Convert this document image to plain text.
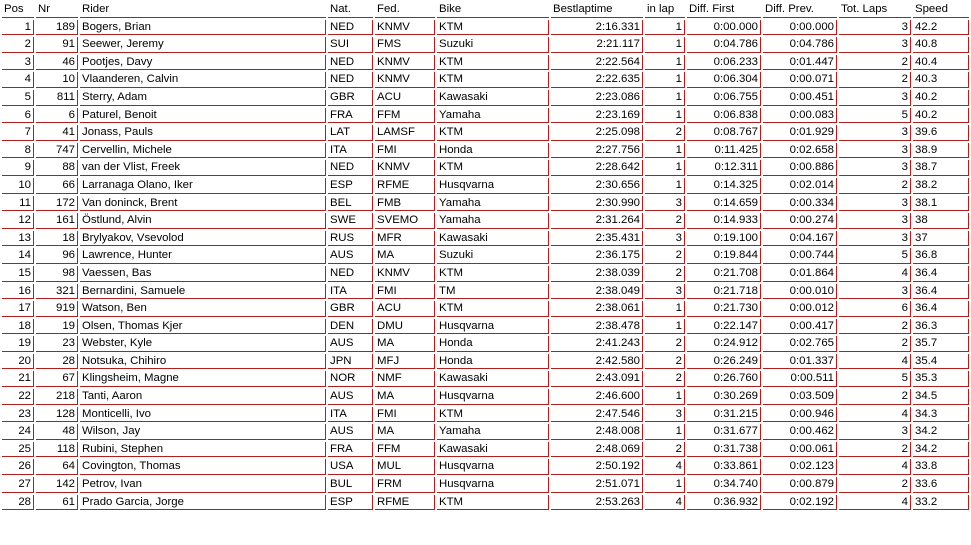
Pos	Nr	Rider	Nat.	Fed.	Bike	Bestlaptime	in lap	Diff. First	Diff. Prev.	Tot. Laps	Speed
1	189	Bogers, Brian	NED	KNMV	KTM	2:16.331	1	0:00.000	0:00.000	3	42.2
2	91	Seewer, Jeremy	SUI	FMS	Suzuki	2:21.117	1	0:04.786	0:04.786	3	40.8
3	46	Pootjes, Davy	NED	KNMV	KTM	2:22.564	1	0:06.233	0:01.447	2	40.4
4	10	Vlaanderen, Calvin	NED	KNMV	KTM	2:22.635	1	0:06.304	0:00.071	2	40.3
5	811	Sterry, Adam	GBR	ACU	Kawasaki	2:23.086	1	0:06.755	0:00.451	3	40.2
6	6	Paturel, Benoit	FRA	FFM	Yamaha	2:23.169	1	0:06.838	0:00.083	5	40.2
7	41	Jonass, Pauls	LAT	LAMSF	KTM	2:25.098	2	0:08.767	0:01.929	3	39.6
8	747	Cervellin, Michele	ITA	FMI	Honda	2:27.756	1	0:11.425	0:02.658	3	38.9
9	88	van der Vlist, Freek	NED	KNMV	KTM	2:28.642	1	0:12.311	0:00.886	3	38.7
10	66	Larranaga Olano, Iker	ESP	RFME	Husqvarna	2:30.656	1	0:14.325	0:02.014	2	38.2
11	172	Van doninck, Brent	BEL	FMB	Yamaha	2:30.990	3	0:14.659	0:00.334	3	38.1
12	161	Östlund, Alvin	SWE	SVEMO	Yamaha	2:31.264	2	0:14.933	0:00.274	3	38
13	18	Brylyakov, Vsevolod	RUS	MFR	Kawasaki	2:35.431	3	0:19.100	0:04.167	3	37
14	96	Lawrence, Hunter	AUS	MA	Suzuki	2:36.175	2	0:19.844	0:00.744	5	36.8
15	98	Vaessen, Bas	NED	KNMV	KTM	2:38.039	2	0:21.708	0:01.864	4	36.4
16	321	Bernardini, Samuele	ITA	FMI	TM	2:38.049	3	0:21.718	0:00.010	3	36.4
17	919	Watson, Ben	GBR	ACU	KTM	2:38.061	1	0:21.730	0:00.012	6	36.4
18	19	Olsen, Thomas Kjer	DEN	DMU	Husqvarna	2:38.478	1	0:22.147	0:00.417	2	36.3
19	23	Webster, Kyle	AUS	MA	Honda	2:41.243	2	0:24.912	0:02.765	2	35.7
20	28	Notsuka, Chihiro	JPN	MFJ	Honda	2:42.580	2	0:26.249	0:01.337	4	35.4
21	67	Klingsheim, Magne	NOR	NMF	Kawasaki	2:43.091	2	0:26.760	0:00.511	5	35.3
22	218	Tanti, Aaron	AUS	MA	Husqvarna	2:46.600	1	0:30.269	0:03.509	2	34.5
23	128	Monticelli, Ivo	ITA	FMI	KTM	2:47.546	3	0:31.215	0:00.946	4	34.3
24	48	Wilson, Jay	AUS	MA	Yamaha	2:48.008	1	0:31.677	0:00.462	3	34.2
25	118	Rubini, Stephen	FRA	FFM	Kawasaki	2:48.069	2	0:31.738	0:00.061	2	34.2
26	64	Covington, Thomas	USA	MUL	Husqvarna	2:50.192	4	0:33.861	0:02.123	4	33.8
27	142	Petrov, Ivan	BUL	FRM	Husqvarna	2:51.071	1	0:34.740	0:00.879	2	33.6
28	61	Prado Garcia, Jorge	ESP	RFME	KTM	2:53.263	4	0:36.932	0:02.192	4	33.2
